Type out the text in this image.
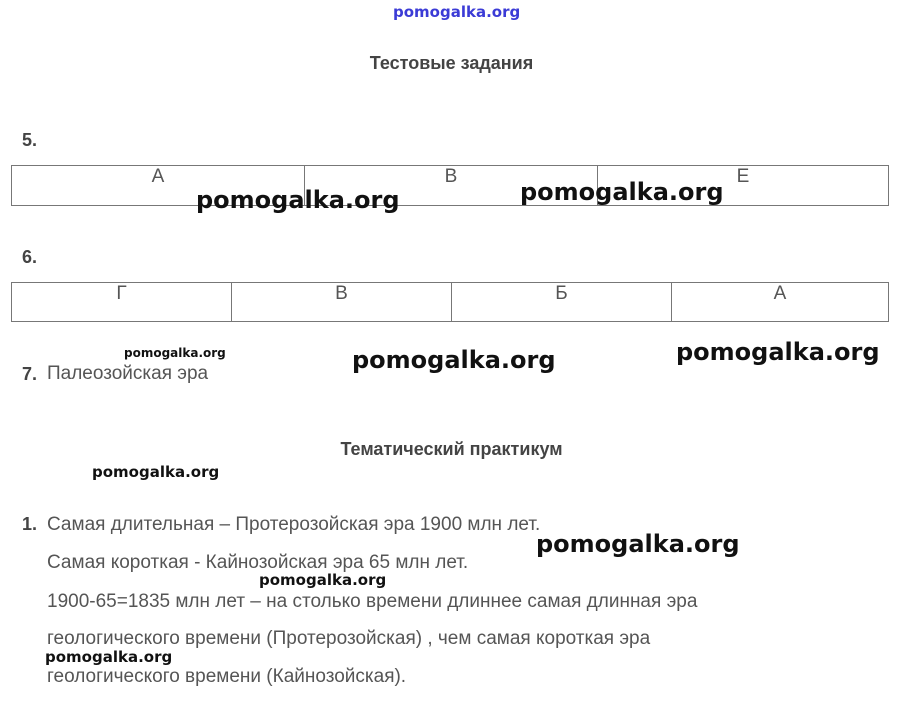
pomogalka.org
Тестовые задания
5.
А	В	Е
6.
Г	В	Б	А
7. Палеозойская эра
Тематический практикум
1. Самая длительная – Протерозойская эра 1900 млн лет.
Самая короткая - Кайнозойская эра 65 млн лет.
1900-65=1835 млн лет – на столько времени длиннее самая длинная эра
геологического времени (Протерозойская) , чем самая короткая эра
геологического времени (Кайнозойская).
pomogalka.org	pomogalka.org
pomogalka.org	pomogalka.org	pomogalka.org
pomogalka.org
pomogalka.org
pomogalka.org
pomogalka.org
